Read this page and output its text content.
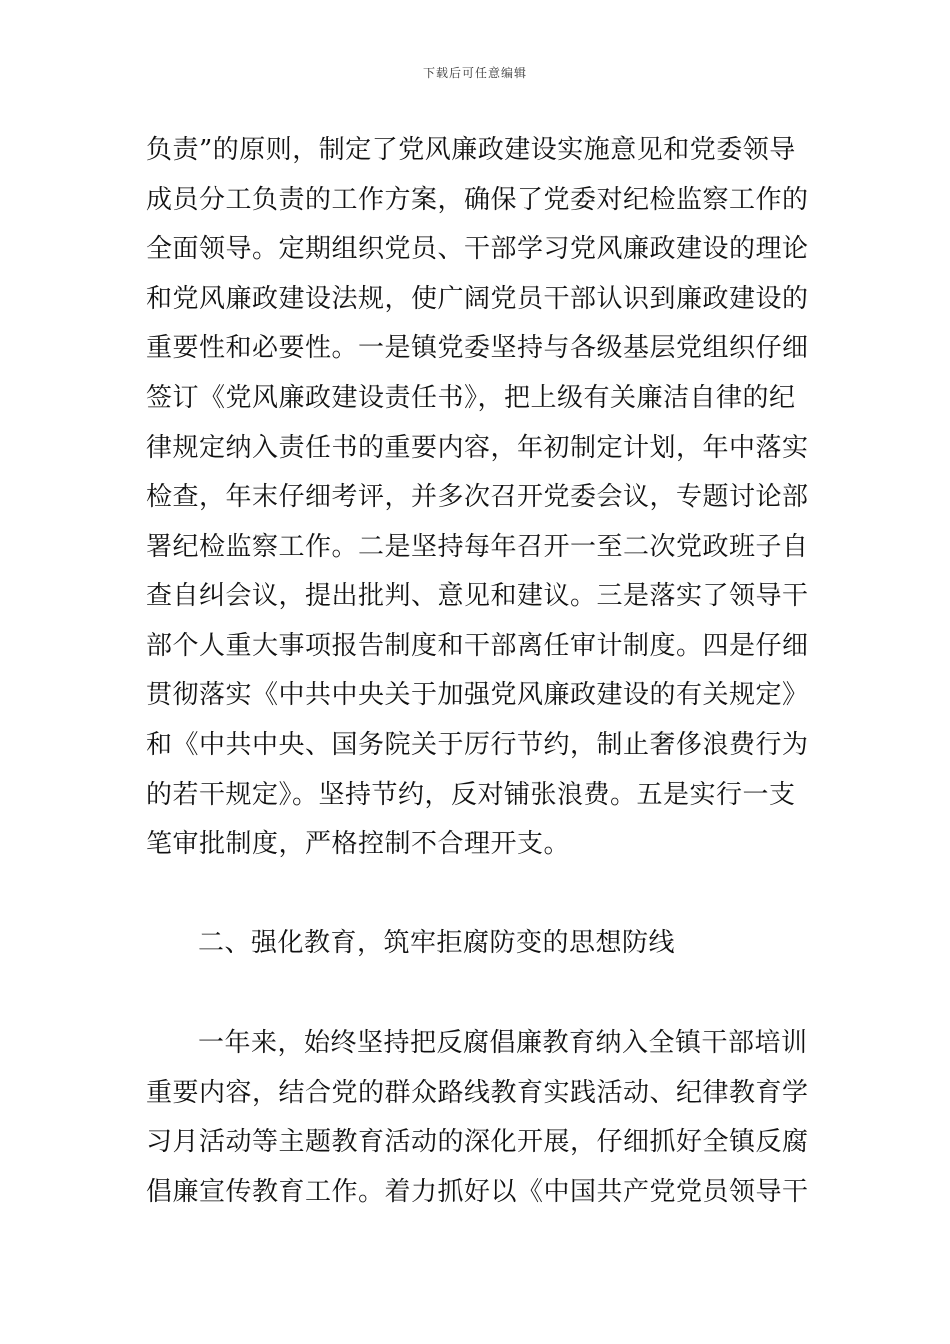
下载后可任意编辑
负责”的原则，制定了党风廉政建设实施意见和党委领导
成员分工负责的工作方案，确保了党委对纪检监察工作的
全面领导。定期组织党员、干部学习党风廉政建设的理论
和党风廉政建设法规，使广阔党员干部认识到廉政建设的
重要性和必要性。一是镇党委坚持与各级基层党组织仔细
签订《党风廉政建设责任书》，把上级有关廉洁自律的纪
律规定纳入责任书的重要内容，年初制定计划，年中落实
检查，年末仔细考评，并多次召开党委会议，专题讨论部
署纪检监察工作。二是坚持每年召开一至二次党政班子自
查自纠会议，提出批判、意见和建议。三是落实了领导干
部个人重大事项报告制度和干部离任审计制度。四是仔细
贯彻落实《中共中央关于加强党风廉政建设的有关规定》
和《中共中央、国务院关于厉行节约，制止奢侈浪费行为
的若干规定》。坚持节约，反对铺张浪费。五是实行一支
笔审批制度，严格控制不合理开支。
二、强化教育，筑牢拒腐防变的思想防线
一年来，始终坚持把反腐倡廉教育纳入全镇干部培训
重要内容，结合党的群众路线教育实践活动、纪律教育学
习月活动等主题教育活动的深化开展，仔细抓好全镇反腐
倡廉宣传教育工作。着力抓好以《中国共产党党员领导干
